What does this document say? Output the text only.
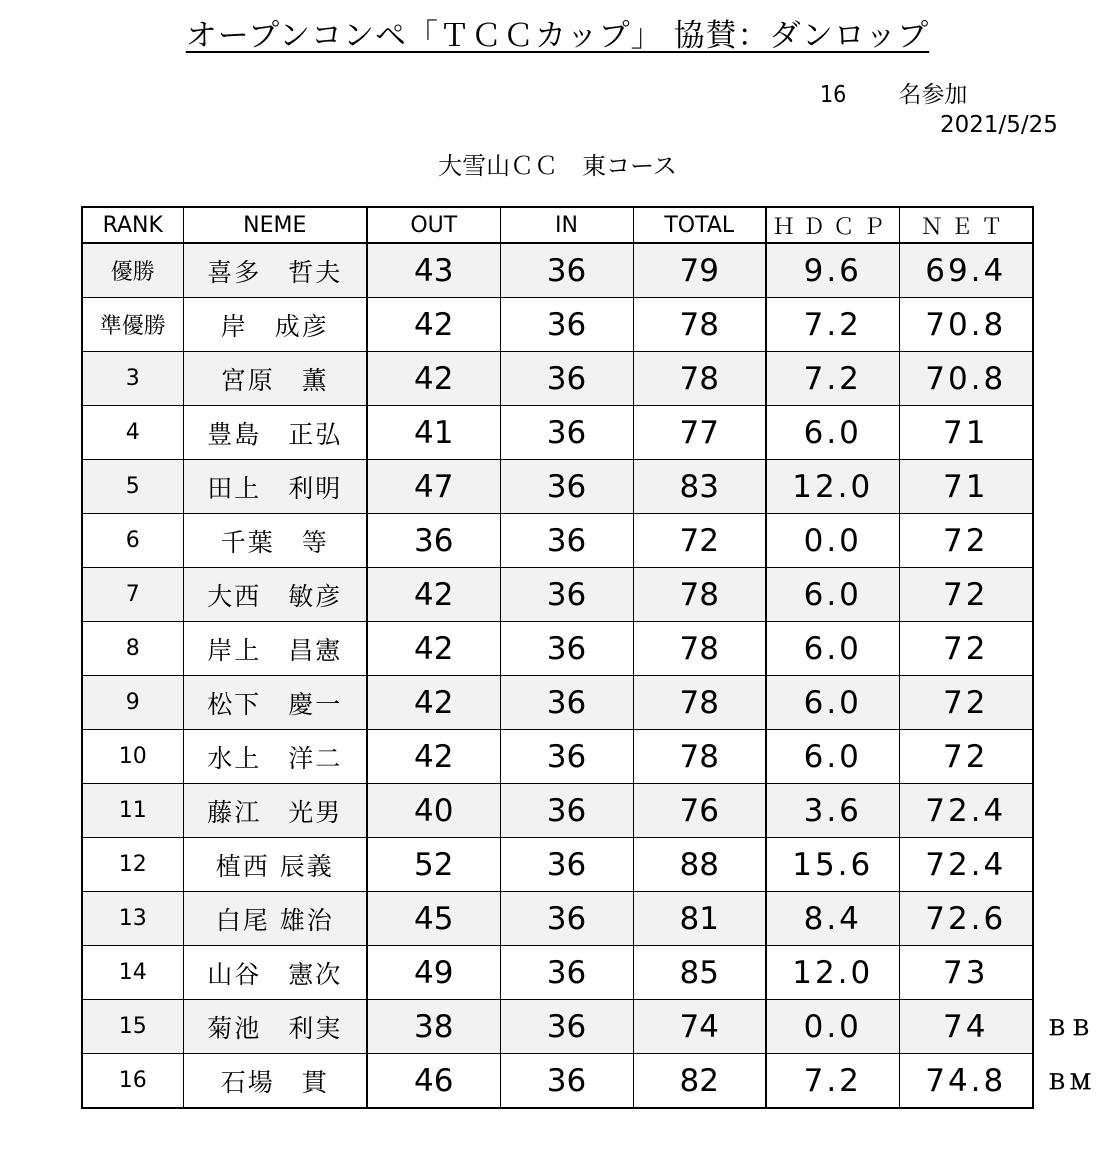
オープンコンペ「ＴＣＣカップ」 協賛：ダンロップ
16 名参加
2021/5/25
大雪山ＣＣ　東コース
RANK	NEME	OUT	IN	TOTAL	ＨＤＣＰ	ＮＥＴ
優勝	喜多　哲夫	43	36	79	9.6	69.4
準優勝	岸　成彦	42	36	78	7.2	70.8
3	宮原　薫	42	36	78	7.2	70.8
4	豊島　正弘	41	36	77	6.0	71
5	田上　利明	47	36	83	12.0	71
6	千葉　等	36	36	72	0.0	72
7	大西　敏彦	42	36	78	6.0	72
8	岸上　昌憲	42	36	78	6.0	72
9	松下　慶一	42	36	78	6.0	72
10	水上　洋二	42	36	78	6.0	72
11	藤江　光男	40	36	76	3.6	72.4
12	植西 辰義	52	36	88	15.6	72.4
13	白尾 雄治	45	36	81	8.4	72.6
14	山谷　憲次	49	36	85	12.0	73
15	菊池　利実	38	36	74	0.0	74
16	石場　貫	46	36	82	7.2	74.8
ＢＢ
ＢＭ
